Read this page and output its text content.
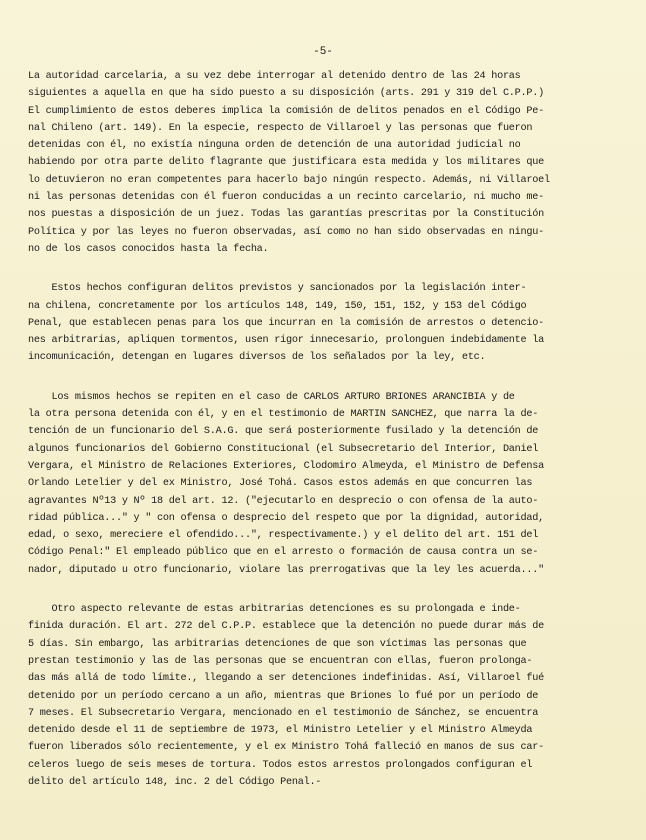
-5-
La autoridad carcelaria, a su vez debe interrogar al detenido dentro de las 24 horas
siguientes a aquella en que ha sido puesto a su disposición (arts. 291 y 319 del C.P.P.)
El cumplimiento de estos deberes implica la comisión de delitos penados en el Código Pe-
nal Chileno (art. 149). En la especie, respecto de Villaroel y las personas que fueron
detenidas con él, no existía ninguna orden de detención de una autoridad judicial no
habiendo por otra parte delito flagrante que justificara esta medida y los militares que
lo detuvieron no eran competentes para hacerlo bajo ningún respecto. Además, ni Villaroel
ni las personas detenidas con él fueron conducidas a un recinto carcelario, ni mucho me-
nos puestas a disposición de un juez. Todas las garantías prescritas por la Constitución
Política y por las leyes no fueron observadas, así como no han sido observadas en ningu-
no de los casos conocidos hasta la fecha.
Estos hechos configuran delitos previstos y sancionados por la legislación inter-
na chilena, concretamente por los artículos 148, 149, 150, 151, 152, y 153 del Código
Penal, que establecen penas para los que incurran en la comisión de arrestos o detencio-
nes arbitrarias, apliquen tormentos, usen rigor innecesario, prolonguen indebidamente la
incomunicación, detengan en lugares diversos de los señalados por la ley, etc.
Los mismos hechos se repiten en el caso de CARLOS ARTURO BRIONES ARANCIBIA y de
la otra persona detenida con él, y en el testimonio de MARTIN SANCHEZ, que narra la de-
tención de un funcionario del S.A.G. que será posteriormente fusilado y la detención de
algunos funcionarios del Gobierno Constitucional (el Subsecretario del Interior, Daniel
Vergara, el Ministro de Relaciones Exteriores, Clodomiro Almeyda, el Ministro de Defensa
Orlando Letelier y del ex Ministro, José Tohá. Casos estos además en que concurren las
agravantes Nº13 y Nº 18 del art. 12. ("ejecutarlo en desprecio o con ofensa de la auto-
ridad pública..." y " con ofensa o desprecio del respeto que por la dignidad, autoridad,
edad, o sexo, mereciere el ofendido...", respectivamente.) y el delito del art. 151 del
Código Penal:" El empleado público que en el arresto o formación de causa contra un se-
nador, diputado u otro funcionario, violare las prerrogativas que la ley les acuerda..."
Otro aspecto relevante de estas arbitrarias detenciones es su prolongada e inde-
finida duración. El art. 272 del C.P.P. establece que la detención no puede durar más de
5 días. Sin embargo, las arbitrarias detenciones de que son víctimas las personas que
prestan testimonio y las de las personas que se encuentran con ellas, fueron prolonga-
das más allá de todo límite., llegando a ser detenciones indefinidas. Así, Villaroel fué
detenido por un período cercano a un año, mientras que Briones lo fué por un período de
7 meses. El Subsecretario Vergara, mencionado en el testimonio de Sánchez, se encuentra
detenido desde el 11 de septiembre de 1973, el Ministro Letelier y el Ministro Almeyda
fueron liberados sólo recientemente, y el ex Ministro Tohá falleció en manos de sus car-
celeros luego de seis meses de tortura. Todos estos arrestos prolongados configuran el
delito del artículo 148, inc. 2 del Código Penal.-
